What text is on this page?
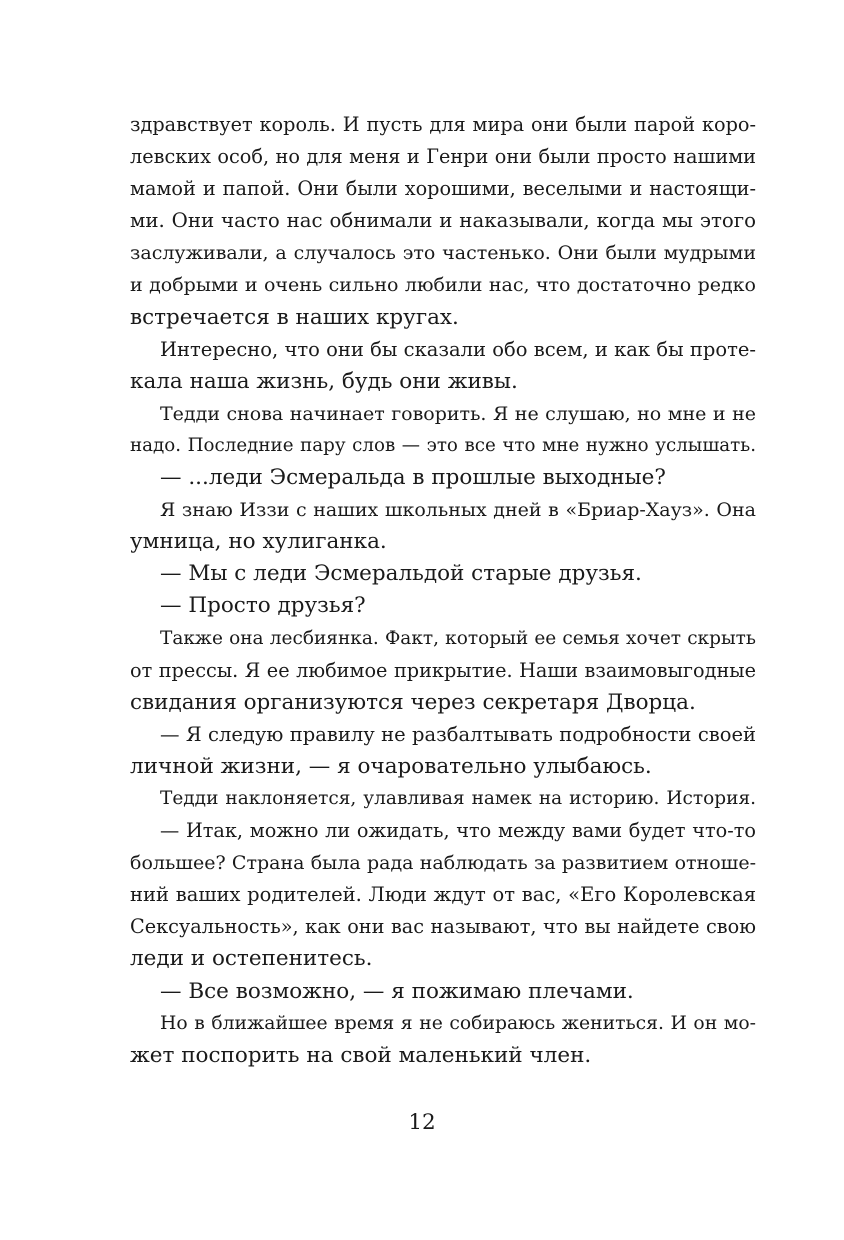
здравствует король. И пусть для мира они были парой коро-
левских особ, но для меня и Генри они были просто нашими
мамой и папой. Они были хорошими, веселыми и настоящи-
ми. Они часто нас обнимали и наказывали, когда мы этого
заслуживали, а случалось это частенько. Они были мудрыми
и добрыми и очень сильно любили нас, что достаточно редко
встречается в наших кругах.
Интересно, что они бы сказали обо всем, и как бы проте-
кала наша жизнь, будь они живы.
Тедди снова начинает говорить. Я не слушаю, но мне и не
надо. Последние пару слов — это все что мне нужно услышать.
— ...леди Эсмеральда в прошлые выходные?
Я знаю Иззи с наших школьных дней в «Бриар-Хауз». Она
умница, но хулиганка.
— Мы с леди Эсмеральдой старые друзья.
— Просто друзья?
Также она лесбиянка. Факт, который ее семья хочет скрыть
от прессы. Я ее любимое прикрытие. Наши взаимовыгодные
свидания организуются через секретаря Дворца.
— Я следую правилу не разбалтывать подробности своей
личной жизни, — я очаровательно улыбаюсь.
Тедди наклоняется, улавливая намек на историю. История.
— Итак, можно ли ожидать, что между вами будет что-то
большее? Страна была рада наблюдать за развитием отноше-
ний ваших родителей. Люди ждут от вас, «Его Королевская
Сексуальность», как они вас называют, что вы найдете свою
леди и остепенитесь.
— Все возможно, — я пожимаю плечами.
Но в ближайшее время я не собираюсь жениться. И он мо-
жет поспорить на свой маленький член.
12
